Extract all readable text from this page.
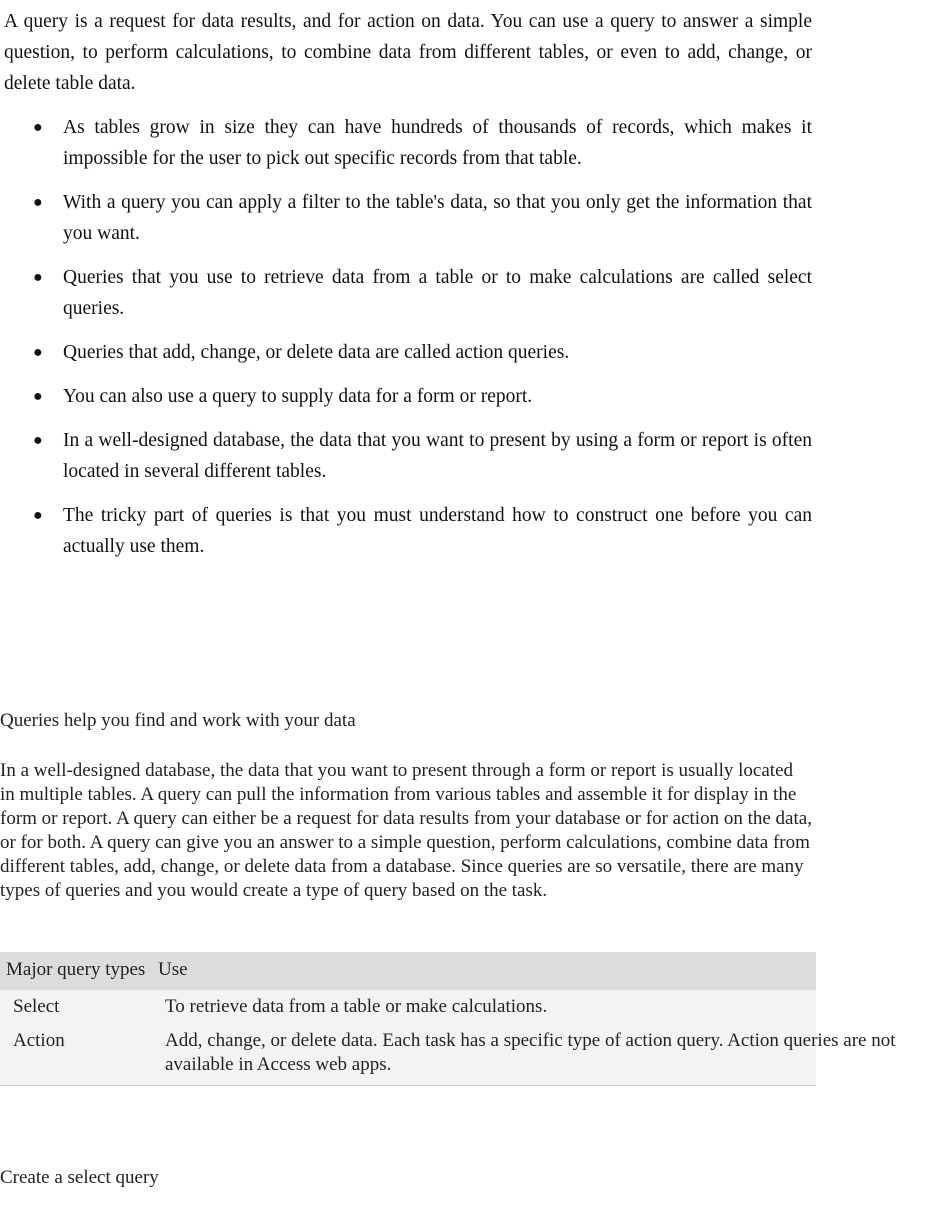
A query is a request for data results, and for action on data. You can use a query to answer a simple question, to perform calculations, to combine data from different tables, or even to add, change, or delete table data.

● As tables grow in size they can have hundreds of thousands of records, which makes it impossible for the user to pick out specific records from that table.
● With a query you can apply a filter to the table's data, so that you only get the information that you want.
● Queries that you use to retrieve data from a table or to make calculations are called select queries.
● Queries that add, change, or delete data are called action queries.
● You can also use a query to supply data for a form or report.
● In a well-designed database, the data that you want to present by using a form or report is often located in several different tables.
● The tricky part of queries is that you must understand how to construct one before you can actually use them.
Queries help you find and work with your data

In a well-designed database, the data that you want to present through a form or report is usually located in multiple tables. A query can pull the information from various tables and assemble it for display in the form or report. A query can either be a request for data results from your database or for action on the data, or for both. A query can give you an answer to a simple question, perform calculations, combine data from different tables, add, change, or delete data from a database. Since queries are so versatile, there are many types of queries and you would create a type of query based on the task.

Major query types	Use
Select	To retrieve data from a table or make calculations.
Action	Add, change, or delete data. Each task has a specific type of action query. Action queries are not available in Access web apps.
Create a select query
